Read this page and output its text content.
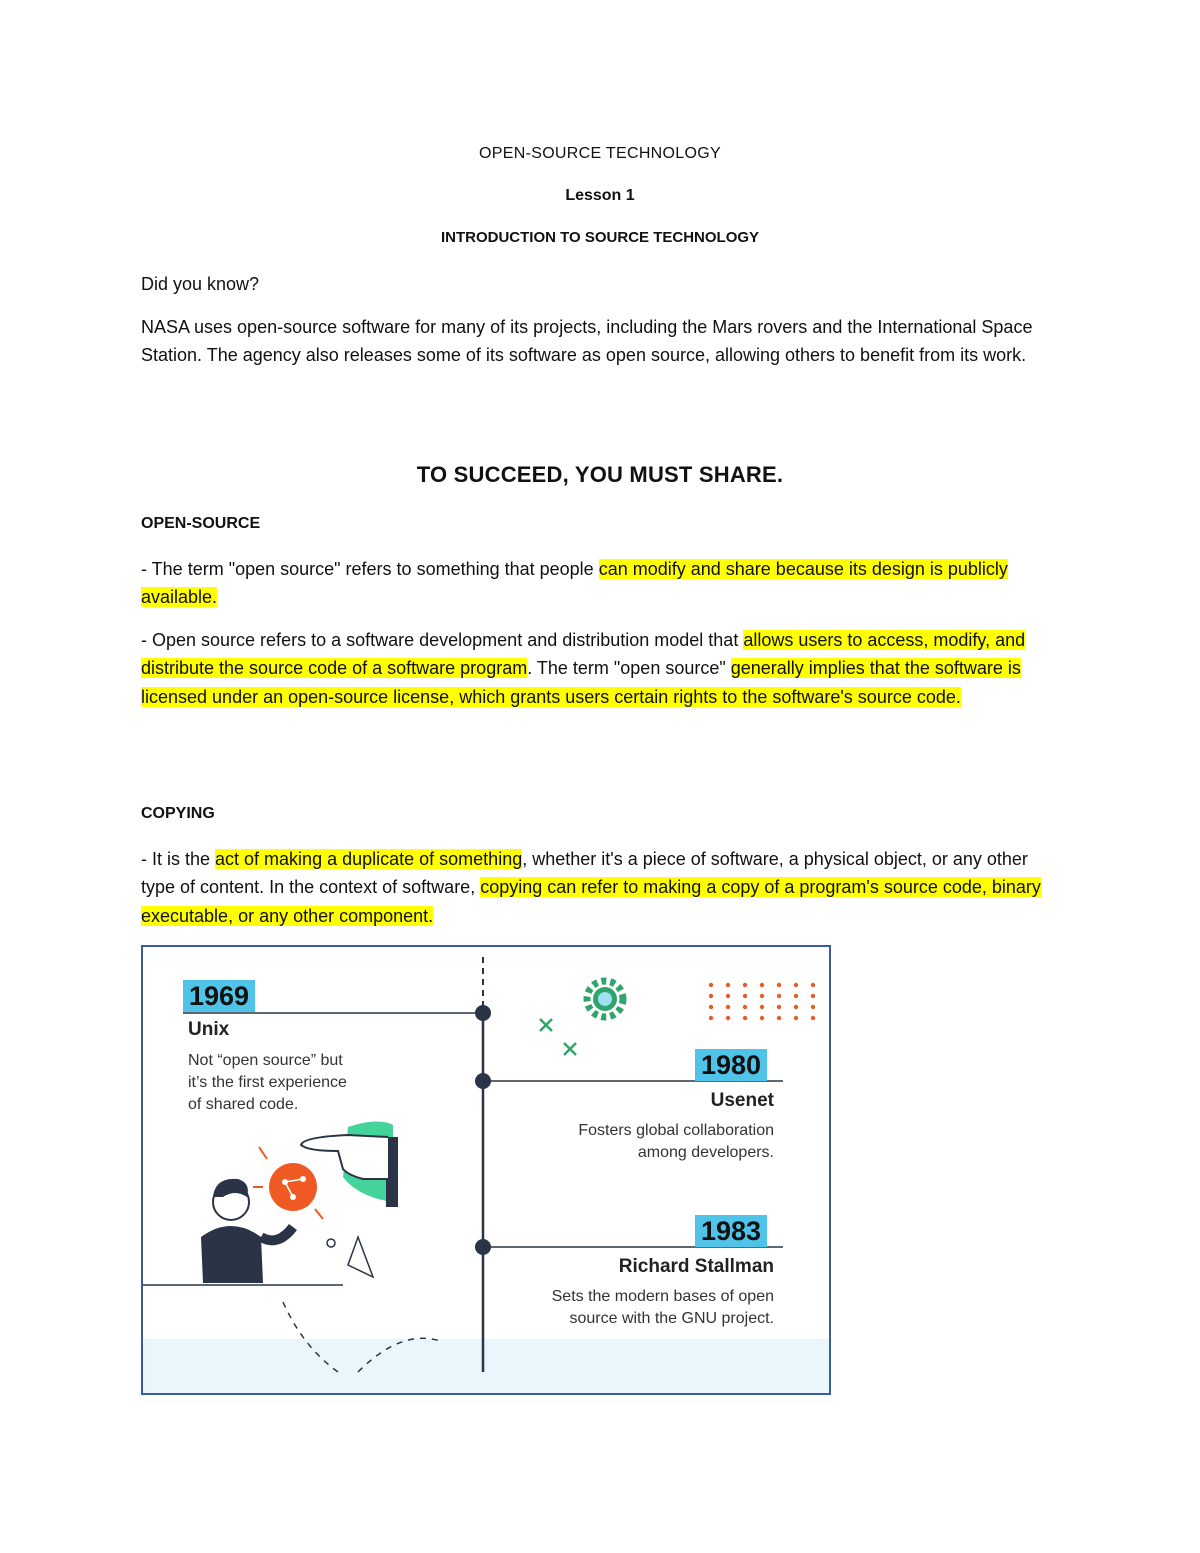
OPEN-SOURCE TECHNOLOGY
Lesson 1
INTRODUCTION TO SOURCE TECHNOLOGY

Did you know?

NASA uses open-source software for many of its projects, including the Mars rovers and the International Space Station. The agency also releases some of its software as open source, allowing others to benefit from its work.

TO SUCCEED, YOU MUST SHARE.

OPEN-SOURCE

- The term "open source" refers to something that people can modify and share because its design is publicly available.

- Open source refers to a software development and distribution model that allows users to access, modify, and distribute the source code of a software program. The term "open source" generally implies that the software is licensed under an open-source license, which grants users certain rights to the software's source code.

COPYING

- It is the act of making a duplicate of something, whether it's a piece of software, a physical object, or any other type of content. In the context of software, copying can refer to making a copy of a program's source code, binary executable, or any other component.

1969
Unix
Not “open source” but
it’s the first experience
of shared code.
1980
Usenet
Fosters global collaboration
among developers.
1983
Richard Stallman
Sets the modern bases of open
source with the GNU project.
